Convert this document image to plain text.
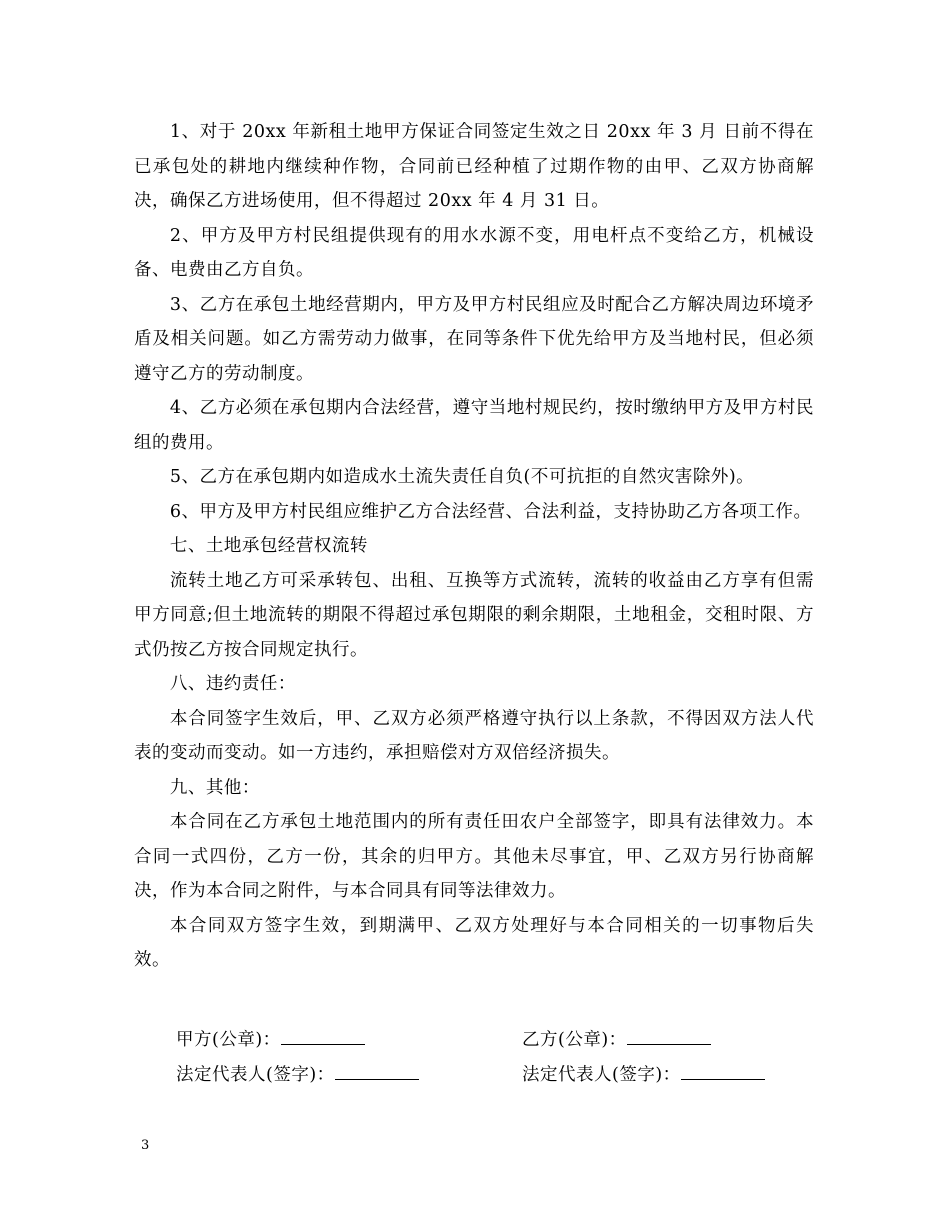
1、对于 20xx 年新租土地甲方保证合同签定生效之日 20xx 年 3 月 日前不得在已承包处的耕地内继续种作物，合同前已经种植了过期作物的由甲、乙双方协商解决，确保乙方进场使用，但不得超过 20xx 年 4 月 31 日。

2、甲方及甲方村民组提供现有的用水水源不变，用电杆点不变给乙方，机械设备、电费由乙方自负。

3、乙方在承包土地经营期内，甲方及甲方村民组应及时配合乙方解决周边环境矛盾及相关问题。如乙方需劳动力做事，在同等条件下优先给甲方及当地村民，但必须遵守乙方的劳动制度。

4、乙方必须在承包期内合法经营，遵守当地村规民约，按时缴纳甲方及甲方村民组的费用。

5、乙方在承包期内如造成水土流失责任自负(不可抗拒的自然灾害除外)。

6、甲方及甲方村民组应维护乙方合法经营、合法利益，支持协助乙方各项工作。

七、土地承包经营权流转

流转土地乙方可采承转包、出租、互换等方式流转，流转的收益由乙方享有但需甲方同意;但土地流转的期限不得超过承包期限的剩余期限，土地租金，交租时限、方式仍按乙方按合同规定执行。

八、违约责任：

本合同签字生效后，甲、乙双方必须严格遵守执行以上条款，不得因双方法人代表的变动而变动。如一方违约，承担赔偿对方双倍经济损失。

九、其他：

本合同在乙方承包土地范围内的所有责任田农户全部签字，即具有法律效力。本合同一式四份，乙方一份，其余的归甲方。其他未尽事宜，甲、乙双方另行协商解决，作为本合同之附件，与本合同具有同等法律效力。

本合同双方签字生效，到期满甲、乙双方处理好与本合同相关的一切事物后失效。

甲方(公章)：	乙方(公章)：
法定代表人(签字)：	法定代表人(签字)：
3
